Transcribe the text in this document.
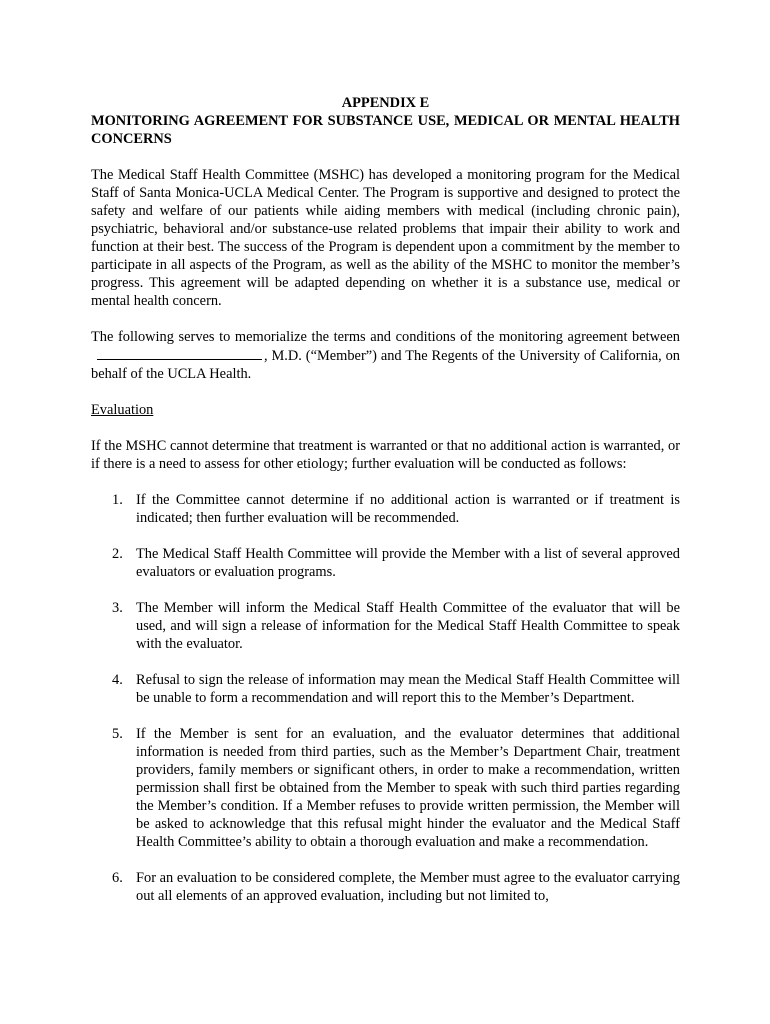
APPENDIX E

MONITORING AGREEMENT FOR SUBSTANCE USE, MEDICAL OR MENTAL HEALTH CONCERNS

The Medical Staff Health Committee (MSHC) has developed a monitoring program for the Medical Staff of Santa Monica-UCLA Medical Center. The Program is supportive and designed to protect the safety and welfare of our patients while aiding members with medical (including chronic pain), psychiatric, behavioral and/or substance-use related problems that impair their ability to work and function at their best. The success of the Program is dependent upon a commitment by the member to participate in all aspects of the Program, as well as the ability of the MSHC to monitor the member’s progress. This agreement will be adapted depending on whether it is a substance use, medical or mental health concern.

The following serves to memorialize the terms and conditions of the monitoring agreement between, M.D. (“Member”) and The Regents of the University of California, on behalf of the UCLA Health.

Evaluation

If the MSHC cannot determine that treatment is warranted or that no additional action is warranted, or if there is a need to assess for other etiology; further evaluation will be conducted as follows:

1. If the Committee cannot determine if no additional action is warranted or if treatment is indicated; then further evaluation will be recommended.
2. The Medical Staff Health Committee will provide the Member with a list of several approved evaluators or evaluation programs.
3. The Member will inform the Medical Staff Health Committee of the evaluator that will be used, and will sign a release of information for the Medical Staff Health Committee to speak with the evaluator.
4. Refusal to sign the release of information may mean the Medical Staff Health Committee will be unable to form a recommendation and will report this to the Member’s Department.
5. If the Member is sent for an evaluation, and the evaluator determines that additional information is needed from third parties, such as the Member’s Department Chair, treatment providers, family members or significant others, in order to make a recommendation, written permission shall first be obtained from the Member to speak with such third parties regarding the Member’s condition. If a Member refuses to provide written permission, the Member will be asked to acknowledge that this refusal might hinder the evaluator and the Medical Staff Health Committee’s ability to obtain a thorough evaluation and make a recommendation.
6. For an evaluation to be considered complete, the Member must agree to the evaluator carrying out all elements of an approved evaluation, including but not limited to,
